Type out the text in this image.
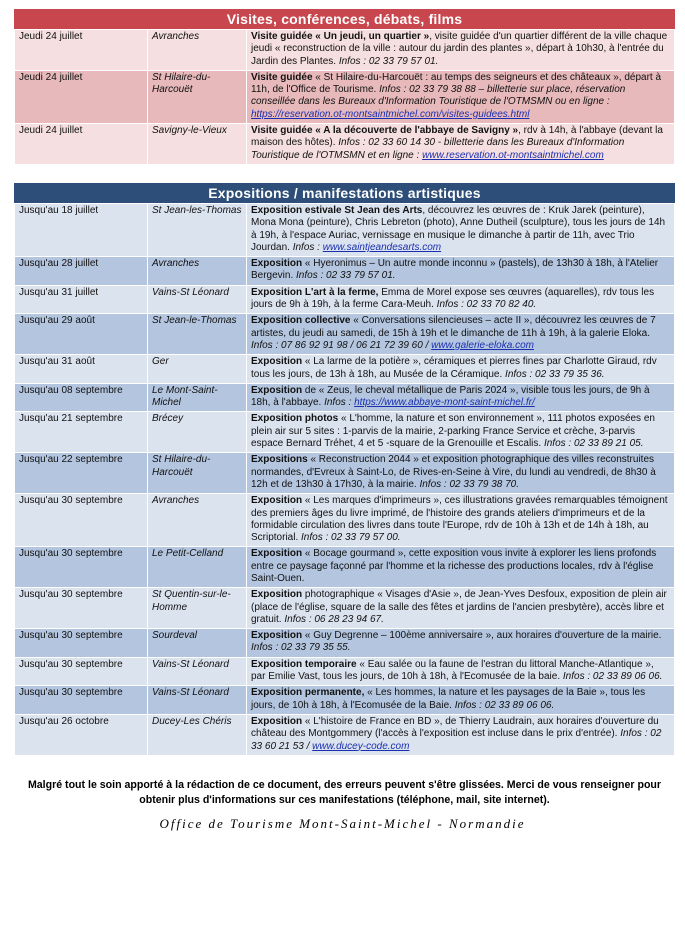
Visites, conférences, débats, films
Jeudi 24 juillet	Avranches	Visite guidée « Un jeudi, un quartier », visite guidée d'un quartier différent de la ville chaque jeudi « reconstruction de la ville : autour du jardin des plantes », départ à 10h30, à l'entrée du Jardin des Plantes. Infos : 02 33 79 57 01.
Jeudi 24 juillet	St Hilaire-du-Harcouët	Visite guidée « St Hilaire-du-Harcouët : au temps des seigneurs et des châteaux », départ à 11h, de l'Office de Tourisme. Infos : 02 33 79 38 88 – billetterie sur place, réservation conseillée dans les Bureaux d'Information Touristique de l'OTMSMN ou en ligne : https://reservation.ot-montsaintmichel.com/visites-guidees.html
Jeudi 24 juillet	Savigny-le-Vieux	Visite guidée « A la découverte de l'abbaye de Savigny », rdv à 14h, à l'abbaye (devant la maison des hôtes). Infos : 02 33 60 14 30 - billetterie dans les Bureaux d'Information Touristique de l'OTMSMN et en ligne : www.reservation.ot-montsaintmichel.com
Expositions / manifestations artistiques
Jusqu'au 18 juillet	St Jean-les-Thomas	Exposition estivale St Jean des Arts, découvrez les œuvres de : Kruk Jarek (peinture), Mona Mona (peinture), Chris Lebreton (photo), Anne Dutheil (sculpture), tous les jours de 14h à 19h, à l'espace Auriac, vernissage en musique le dimanche à partir de 11h, avec Trio Jourdan. Infos : www.saintjeandesarts.com
Jusqu'au 28 juillet	Avranches	Exposition « Hyeronimus – Un autre monde inconnu » (pastels), de 13h30 à 18h, à l'Atelier Bergevin. Infos : 02 33 79 57 01.
Jusqu'au 31 juillet	Vains-St Léonard	Exposition L'art à la ferme, Emma de Morel expose ses œuvres (aquarelles), rdv tous les jours de 9h à 19h, à la ferme Cara-Meuh. Infos : 02 33 70 82 40.
Jusqu'au 29 août	St Jean-le-Thomas	Exposition collective « Conversations silencieuses – acte II », découvrez les œuvres de 7 artistes, du jeudi au samedi, de 15h à 19h et le dimanche de 11h à 19h, à la galerie Eloka. Infos : 07 86 92 91 98 / 06 21 72 39 60 / www.galerie-eloka.com
Jusqu'au 31 août	Ger	Exposition « La larme de la potière », céramiques et pierres fines par Charlotte Giraud, rdv tous les jours, de 13h à 18h, au Musée de la Céramique. Infos : 02 33 79 35 36.
Jusqu'au 08 septembre	Le Mont-Saint-Michel	Exposition de « Zeus, le cheval métallique de Paris 2024 », visible tous les jours, de 9h à 18h, à l'abbaye. Infos : https://www.abbaye-mont-saint-michel.fr/
Jusqu'au 21 septembre	Brécey	Exposition photos « L'homme, la nature et son environnement », 111 photos exposées en plein air sur 5 sites : 1-parvis de la mairie, 2-parking France Service et crèche, 3-parvis espace Bernard Tréhet, 4 et 5 -square de la Grenouille et Escalis. Infos : 02 33 89 21 05.
Jusqu'au 22 septembre	St Hilaire-du-Harcouët	Expositions « Reconstruction 2044 » et exposition photographique des villes reconstruites normandes, d'Evreux à Saint-Lo, de Rives-en-Seine à Vire, du lundi au vendredi, de 8h30 à 12h et de 13h30 à 17h30, à la mairie. Infos : 02 33 79 38 70.
Jusqu'au 30 septembre	Avranches	Exposition « Les marques d'imprimeurs », ces illustrations gravées remarquables témoignent des premiers âges du livre imprimé, de l'histoire des grands ateliers d'imprimeurs et de la formidable circulation des livres dans toute l'Europe, rdv de 10h à 13h et de 14h à 18h, au Scriptorial. Infos : 02 33 79 57 00.
Jusqu'au 30 septembre	Le Petit-Celland	Exposition « Bocage gourmand », cette exposition vous invite à explorer les liens profonds entre ce paysage façonné par l'homme et la richesse des productions locales, rdv à l'église Saint-Ouen.
Jusqu'au 30 septembre	St Quentin-sur-le-Homme	Exposition photographique « Visages d'Asie », de Jean-Yves Desfoux, exposition de plein air (place de l'église, square de la salle des fêtes et jardins de l'ancien presbytère), accès libre et gratuit. Infos : 06 28 23 94 67.
Jusqu'au 30 septembre	Sourdeval	Exposition « Guy Degrenne – 100ème anniversaire », aux horaires d'ouverture de la mairie. Infos : 02 33 79 35 55.
Jusqu'au 30 septembre	Vains-St Léonard	Exposition temporaire « Eau salée ou la faune de l'estran du littoral Manche-Atlantique », par Emilie Vast, tous les jours, de 10h à 18h, à l'Ecomusée de la baie. Infos : 02 33 89 06 06.
Jusqu'au 30 septembre	Vains-St Léonard	Exposition permanente, « Les hommes, la nature et les paysages de la Baie », tous les jours, de 10h à 18h, à l'Ecomusée de la Baie. Infos : 02 33 89 06 06.
Jusqu'au 26 octobre	Ducey-Les Chéris	Exposition « L'histoire de France en BD », de Thierry Laudrain, aux horaires d'ouverture du château des Montgommery (l'accès à l'exposition est incluse dans le prix d'entrée). Infos : 02 33 60 21 53 / www.ducey-code.com
Malgré tout le soin apporté à la rédaction de ce document, des erreurs peuvent s'être glissées. Merci de vous renseigner pour obtenir plus d'informations sur ces manifestations (téléphone, mail, site internet).
Office de Tourisme Mont-Saint-Michel - Normandie
